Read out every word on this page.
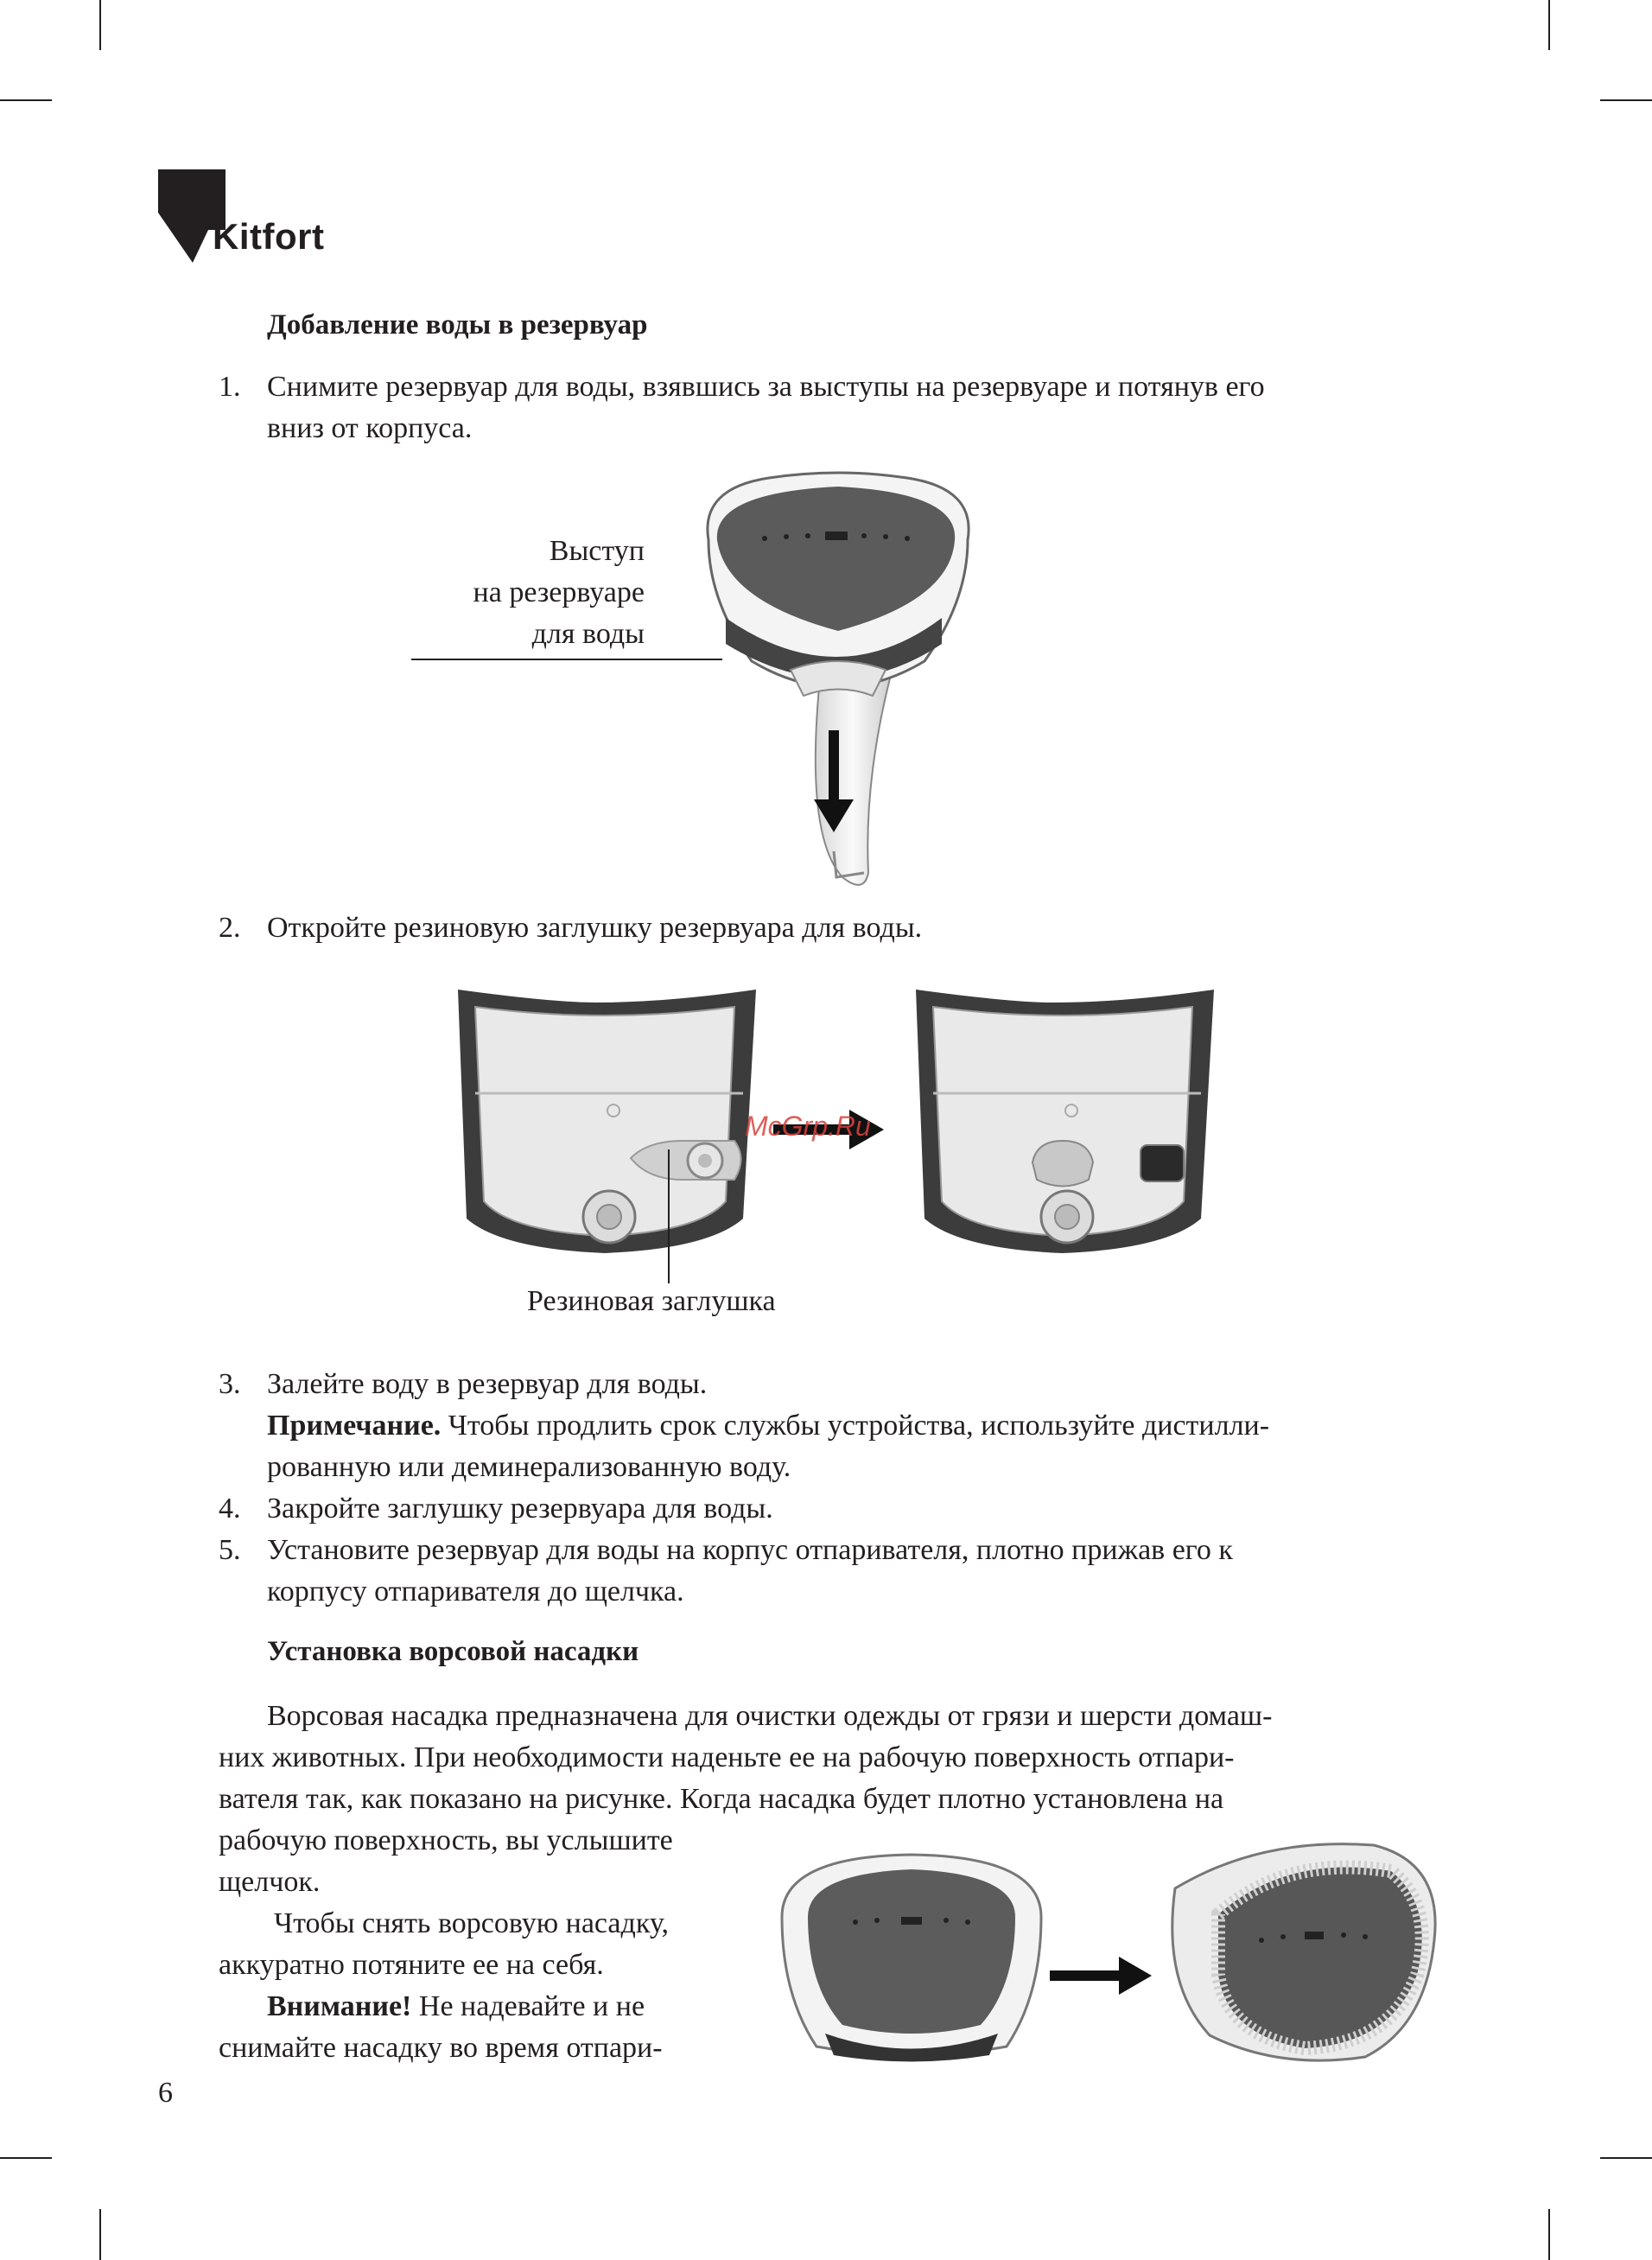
Kitfort
Добавление воды в резервуар
1. Снимите резервуар для воды, взявшись за выступы на резервуаре и потянув его
вниз от корпуса.
Выступ
на резервуаре
для воды
2. Откройте резиновую заглушку резервуара для воды.
McGrp.Ru
Резиновая заглушка
3. Залейте воду в резервуар для воды.
Примечание. Чтобы продлить срок службы устройства, используйте дистилли-
рованную или деминерализованную воду.
4. Закройте заглушку резервуара для воды.
5. Установите резервуар для воды на корпус отпаривателя, плотно прижав его к
корпусу отпаривателя до щелчка.
Установка ворсовой насадки
Ворсовая насадка предназначена для очистки одежды от грязи и шерсти домаш-
них животных. При необходимости наденьте ее на рабочую поверхность отпари-
вателя так, как показано на рисунке. Когда насадка будет плотно установлена на
рабочую поверхность, вы услышите
щелчок.
Чтобы снять ворсовую насадку,
аккуратно потяните ее на себя.
Внимание! Не надевайте и не
снимайте насадку во время отпари-
6
